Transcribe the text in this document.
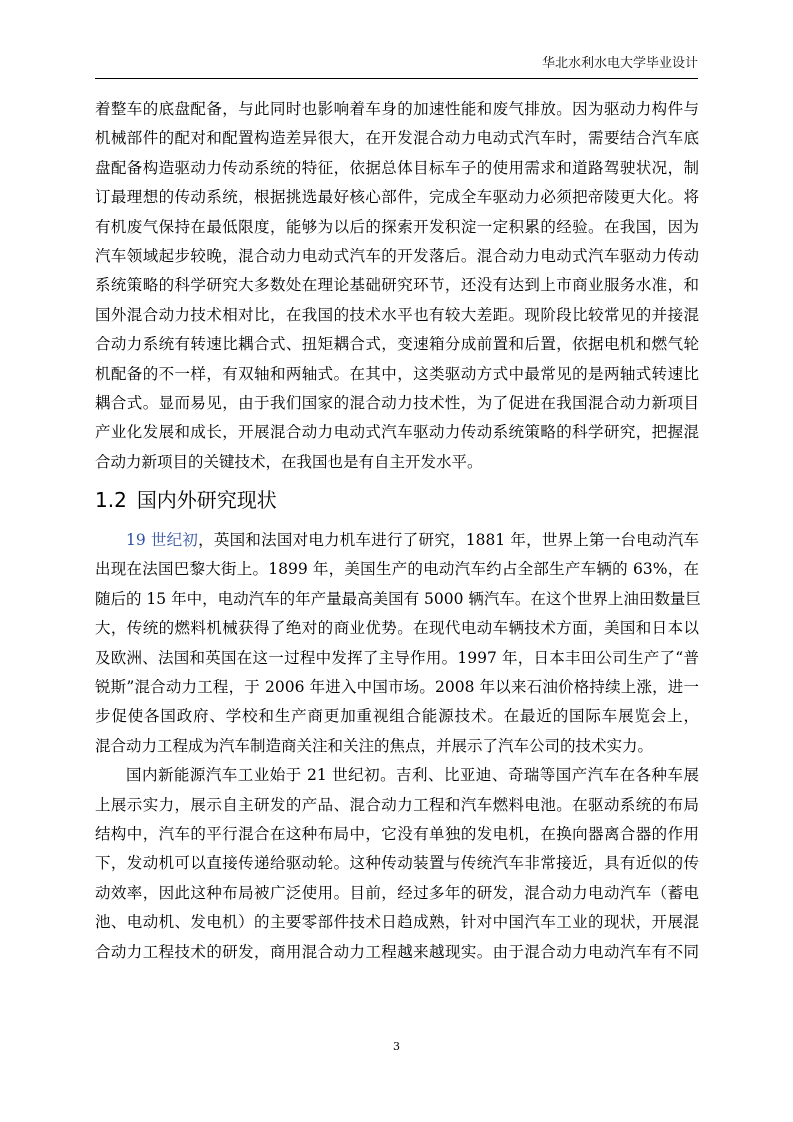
华北水利水电大学毕业设计
着整车的底盘配备，与此同时也影响着车身的加速性能和废气排放。因为驱动力构件与
机械部件的配对和配置构造差异很大，在开发混合动力电动式汽车时，需要结合汽车底
盘配备构造驱动力传动系统的特征，依据总体目标车子的使用需求和道路驾驶状况，制
订最理想的传动系统，根据挑选最好核心部件，完成全车驱动力必须把帝陵更大化。将
有机废气保持在最低限度，能够为以后的探索开发积淀一定积累的经验。在我国，因为
汽车领域起步较晚，混合动力电动式汽车的开发落后。混合动力电动式汽车驱动力传动
系统策略的科学研究大多数处在理论基础研究环节，还没有达到上市商业服务水准，和
国外混合动力技术相对比，在我国的技术水平也有较大差距。现阶段比较常见的并接混
合动力系统有转速比耦合式、扭矩耦合式，变速箱分成前置和后置，依据电机和燃气轮
机配备的不一样，有双轴和两轴式。在其中，这类驱动方式中最常见的是两轴式转速比
耦合式。显而易见，由于我们国家的混合动力技术性，为了促进在我国混合动力新项目
产业化发展和成长，开展混合动力电动式汽车驱动力传动系统策略的科学研究，把握混
合动力新项目的关键技术，在我国也是有自主开发水平。
1.2 国内外研究现状
19 世纪初，英国和法国对电力机车进行了研究，1881 年，世界上第一台电动汽车
出现在法国巴黎大街上。1899 年，美国生产的电动汽车约占全部生产车辆的 63%，在
随后的 15 年中，电动汽车的年产量最高美国有 5000 辆汽车。在这个世界上油田数量巨
大，传统的燃料机械获得了绝对的商业优势。在现代电动车辆技术方面，美国和日本以
及欧洲、法国和英国在这一过程中发挥了主导作用。1997 年，日本丰田公司生产了“普
锐斯”混合动力工程，于 2006 年进入中国市场。2008 年以来石油价格持续上涨，进一
步促使各国政府、学校和生产商更加重视组合能源技术。在最近的国际车展览会上，
混合动力工程成为汽车制造商关注和关注的焦点，并展示了汽车公司的技术实力。
国内新能源汽车工业始于 21 世纪初。吉利、比亚迪、奇瑞等国产汽车在各种车展
上展示实力，展示自主研发的产品、混合动力工程和汽车燃料电池。在驱动系统的布局
结构中，汽车的平行混合在这种布局中，它没有单独的发电机，在换向器离合器的作用
下，发动机可以直接传递给驱动轮。这种传动装置与传统汽车非常接近，具有近似的传
动效率，因此这种布局被广泛使用。目前，经过多年的研发，混合动力电动汽车（蓄电
池、电动机、发电机）的主要零部件技术日趋成熟，针对中国汽车工业的现状，开展混
合动力工程技术的研发，商用混合动力工程越来越现实。由于混合动力电动汽车有不同
3
